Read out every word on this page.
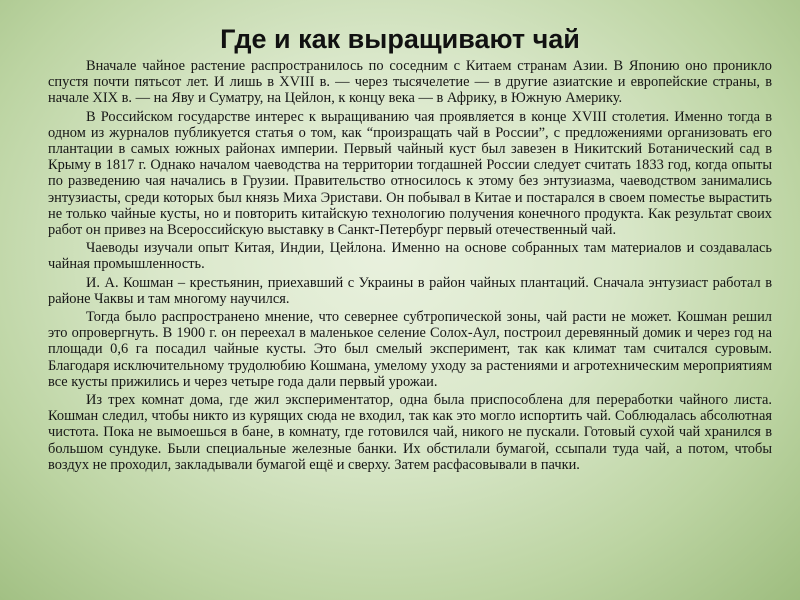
Где и как выращивают чай

Вначале чайное растение распространилось по соседним с Китаем странам Азии. В Японию оно проникло спустя почти пятьсот лет. И лишь в XVIII в. — через тысячелетие — в другие азиатские и европейские страны, в начале XIX в. — на Яву и Суматру, на Цейлон, к концу века — в Африку, в Южную Америку.

В Российском государстве интерес к выращиванию чая проявляется в конце XVIII столетия. Именно тогда в одном из журналов публикуется статья о том, как “произращать чай в России”, с предложениями организовать его плантации в самых южных районах империи. Первый чайный куст был завезен в Никитский Ботанический сад в Крыму в 1817 г. Однако началом чаеводства на территории тогдашней России следует считать 1833 год, когда опыты по разведению чая начались в Грузии. Правительство относилось к этому без энтузиазма, чаеводством занимались энтузиасты, среди которых был князь Миха Эристави. Он побывал в Китае и постарался в своем поместье вырастить не только чайные кусты, но и повторить китайскую технологию получения конечного продукта. Как результат своих работ он привез на Всероссийскую выставку в Санкт-Петербург первый отечественный чай.

Чаеводы изучали опыт Китая, Индии, Цейлона. Именно на основе собранных там материалов и создавалась чайная промышленность.

И. А. Кошман – крестьянин, приехавший с Украины в район чайных плантаций. Сначала энтузиаст работал в районе Чаквы и там многому научился.

Тогда было распространено мнение, что севернее субтропической зоны, чай расти не может. Кошман решил это опровергнуть. В 1900 г. он переехал в маленькое селение Солох-Аул, построил деревянный домик и через год на площади 0,6 га посадил чайные кусты. Это был смелый эксперимент, так как климат там считался суровым. Благодаря исключительному трудолюбию Кошмана, умелому уходу за растениями и агротехническим мероприятиям все кусты прижились и через четыре года дали первый урожаи.

Из трех комнат дома, где жил экспериментатор, одна была приспособлена для переработки чайного листа. Кошман следил, чтобы никто из курящих сюда не входил, так как это могло испортить чай. Соблюдалась абсолютная чистота. Пока не вымоешься в бане, в комнату, где готовился чай, никого не пускали. Готовый сухой чай хранился в большом сундуке. Были специальные железные банки. Их обстилали бумагой, ссыпали туда чай, а потом, чтобы воздух не проходил, закладывали бумагой ещё и сверху. Затем расфасовывали в пачки.
